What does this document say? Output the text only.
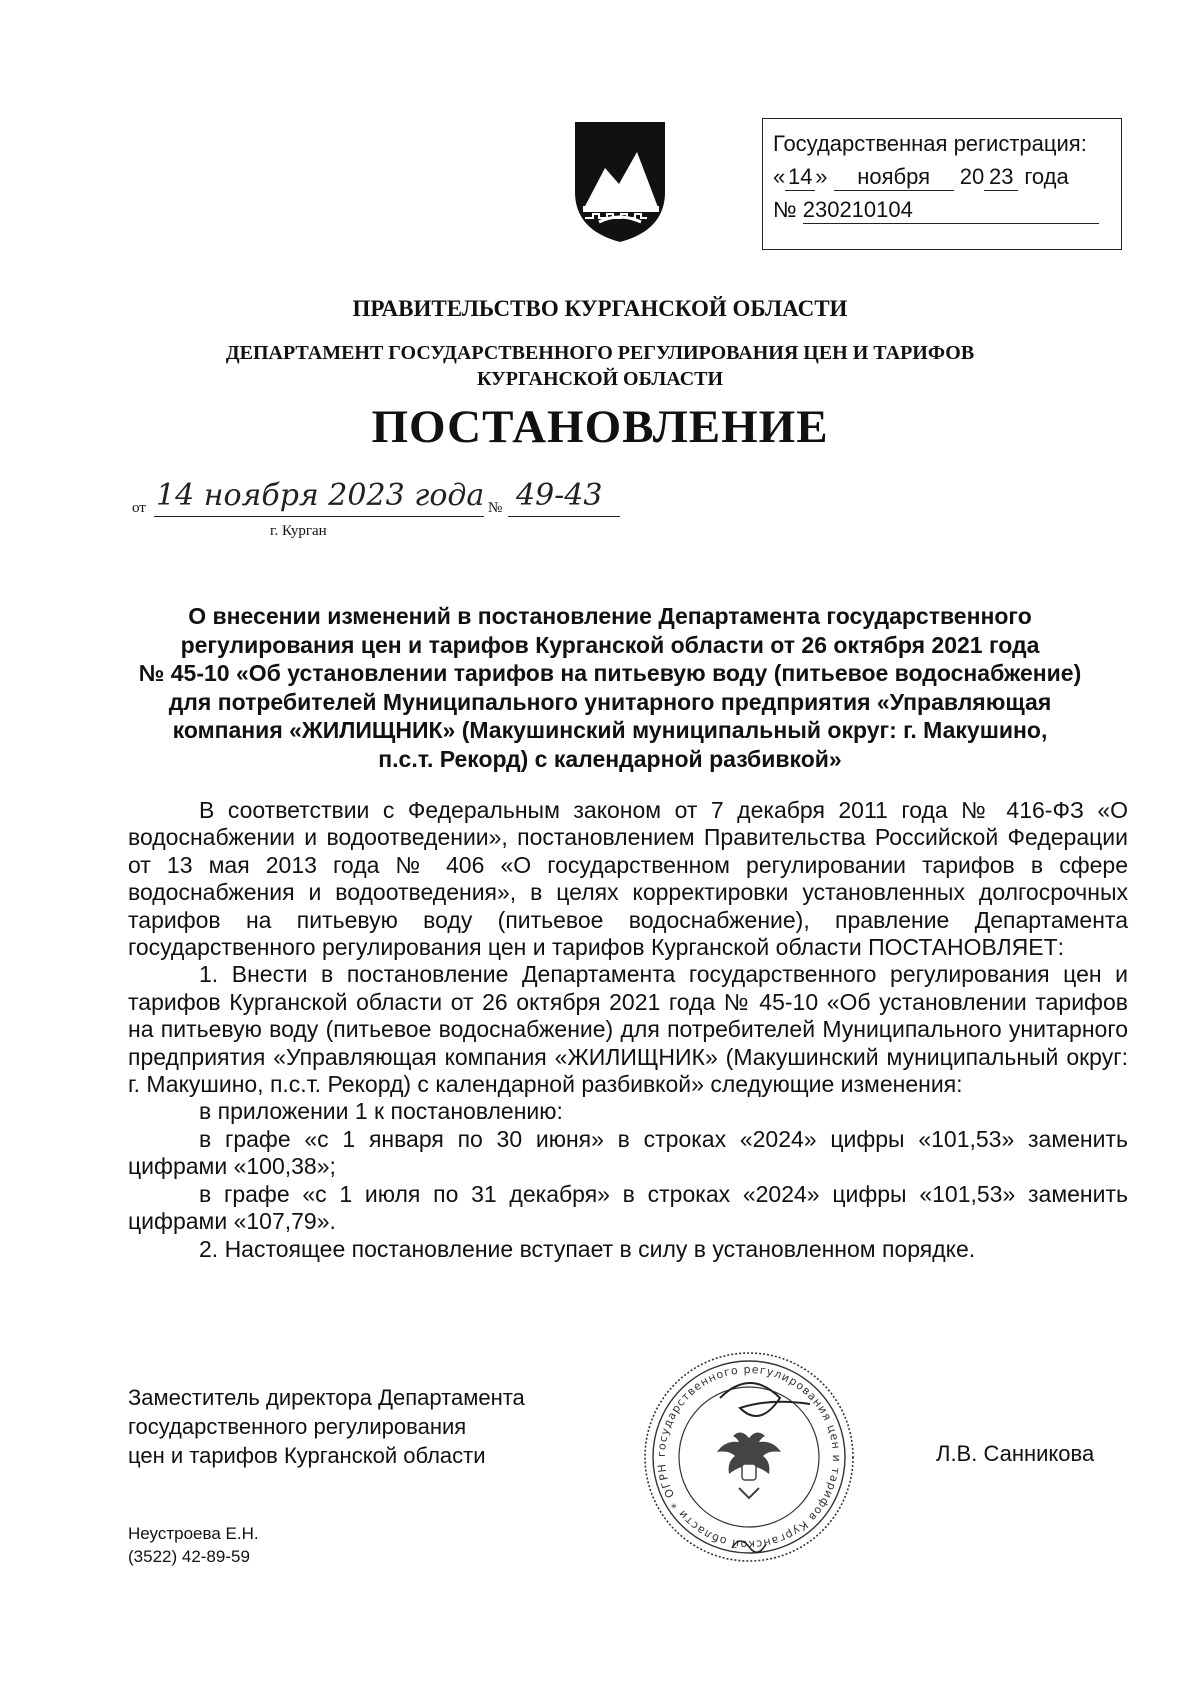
Государственная регистрация:
« 14 » ноября 20 23 года
№ 230210104
ПРАВИТЕЛЬСТВО КУРГАНСКОЙ ОБЛАСТИ
ДЕПАРТАМЕНТ ГОСУДАРСТВЕННОГО РЕГУЛИРОВАНИЯ ЦЕН И ТАРИФОВ
КУРГАНСКОЙ ОБЛАСТИ
ПОСТАНОВЛЕНИЕ
от 14 ноября 2023 года № 49-43
г. Курган
О внесении изменений в постановление Департамента государственного
регулирования цен и тарифов Курганской области от 26 октября 2021 года
№ 45-10 «Об установлении тарифов на питьевую воду (питьевое водоснабжение)
для потребителей Муниципального унитарного предприятия «Управляющая
компания «ЖИЛИЩНИК» (Макушинский муниципальный округ: г. Макушино,
п.с.т. Рекорд) с календарной разбивкой»

В соответствии с Федеральным законом от 7 декабря 2011 года № 416-ФЗ «О водоснабжении и водоотведении», постановлением Правительства Российской Федерации от 13 мая 2013 года № 406 «О государственном регулировании тарифов в сфере водоснабжения и водоотведения», в целях корректировки установленных долгосрочных тарифов на питьевую воду (питьевое водоснабжение), правление Департамента государственного регулирования цен и тарифов Курганской области ПОСТАНОВЛЯЕТ:

1. Внести в постановление Департамента государственного регулирования цен и тарифов Курганской области от 26 октября 2021 года № 45-10 «Об установлении тарифов на питьевую воду (питьевое водоснабжение) для потребителей Муниципального унитарного предприятия «Управляющая компания «ЖИЛИЩНИК» (Макушинский муниципальный округ: г. Макушино, п.с.т. Рекорд) с календарной разбивкой» следующие изменения:

в приложении 1 к постановлению:

в графе «с 1 января по 30 июня» в строках «2024» цифры «101,53» заменить цифрами «100,38»;

в графе «с 1 июля по 31 декабря» в строках «2024» цифры «101,53» заменить цифрами «107,79».

2. Настоящее постановление вступает в силу в установленном порядке.

Заместитель директора Департамента
государственного регулирования
цен и тарифов Курганской области	государственного регулирования цен и тарифов Курганской области * ОГРН
Л.В. Санникова
Неустроева Е.Н.
(3522) 42-89-59
